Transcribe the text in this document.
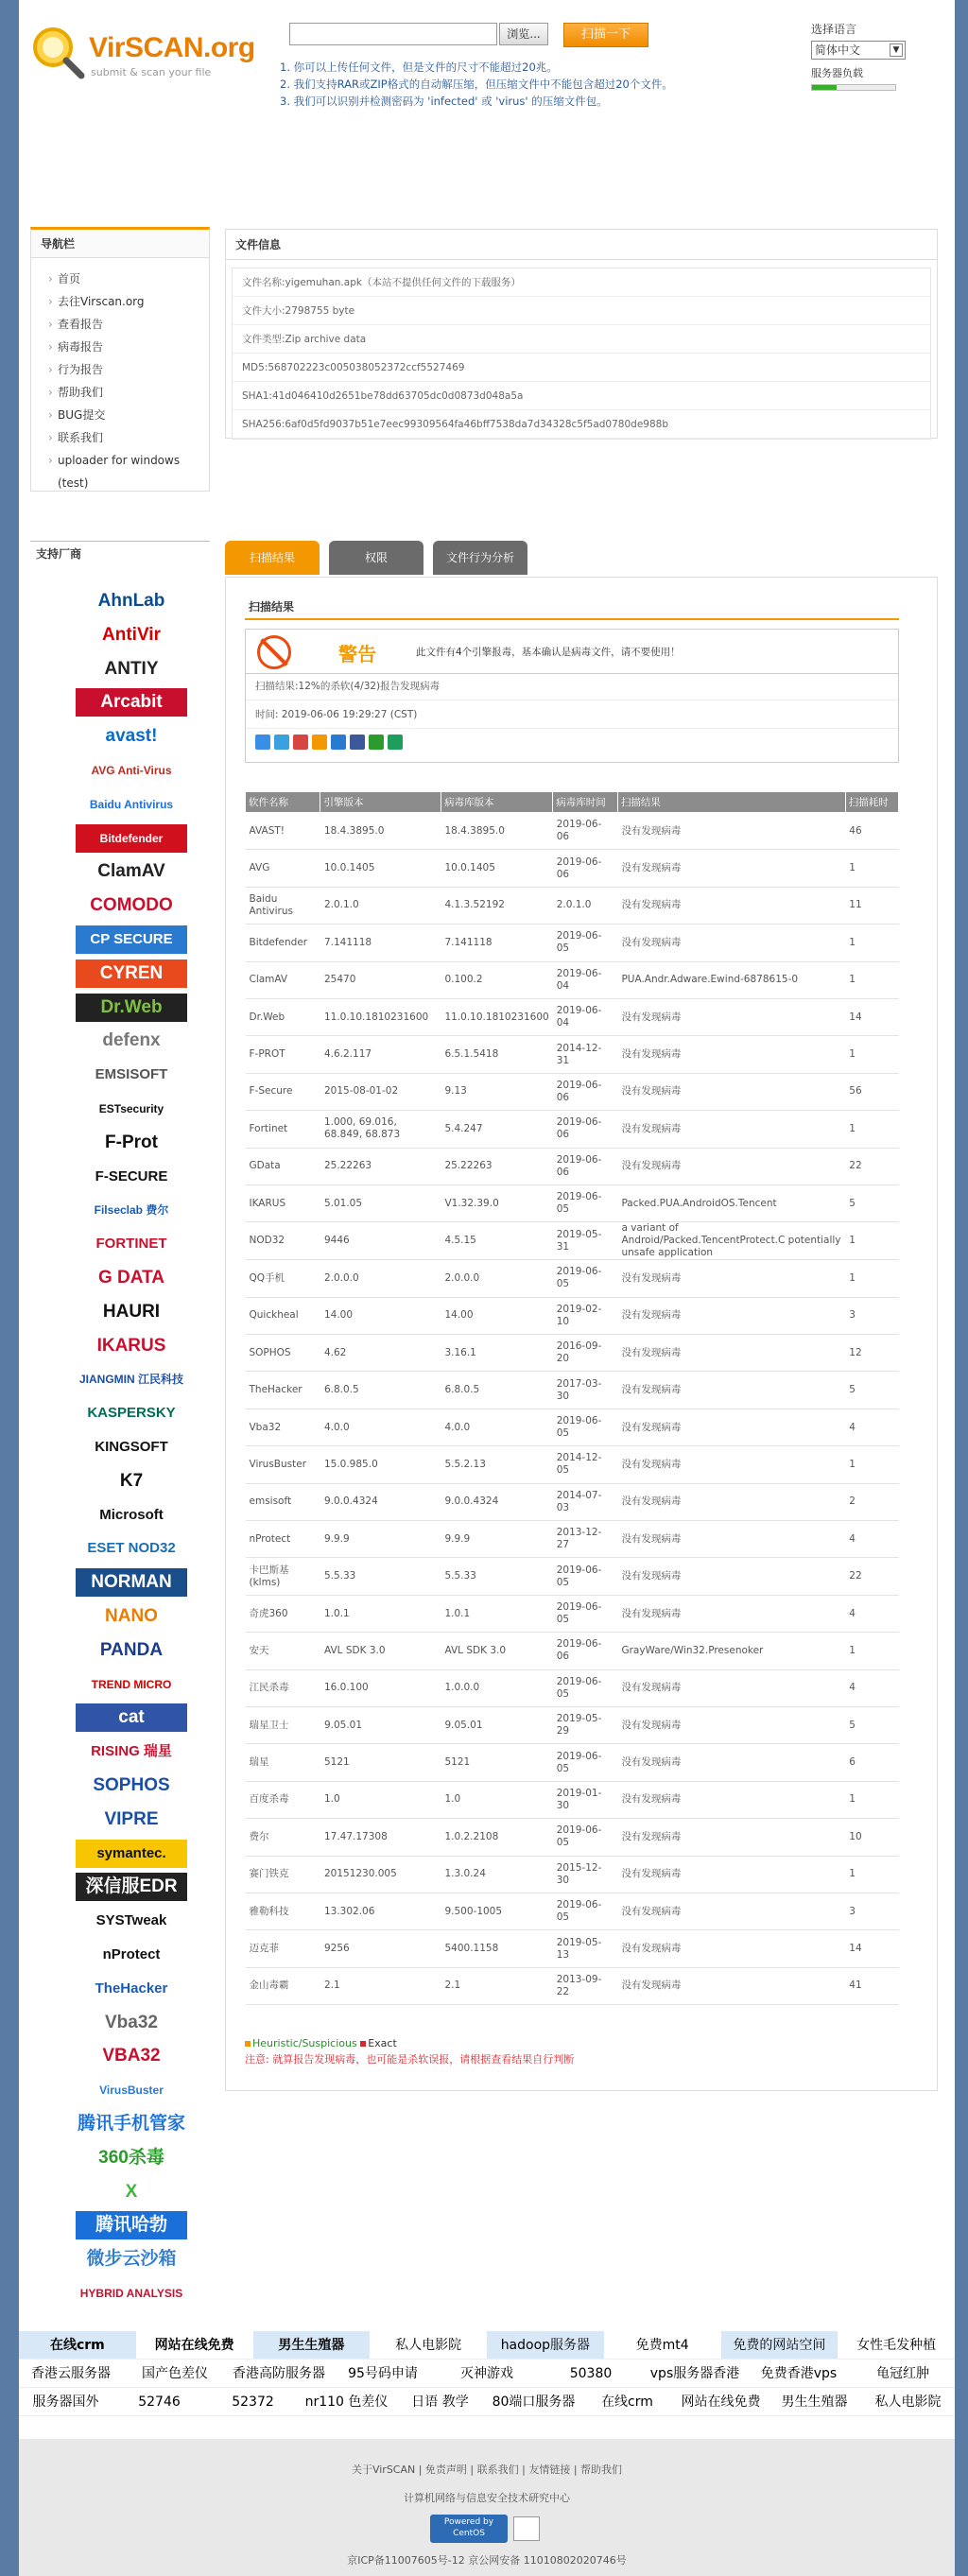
VirSCAN.org
submit & scan your file
浏览...	扫描一下
1. 你可以上传任何文件，但是文件的尺寸不能超过20兆。
2. 我们支持RAR或ZIP格式的自动解压缩，但压缩文件中不能包含超过20个文件。
3. 我们可以识别并检测密码为 'infected' 或 'virus' 的压缩文件包。
选择语言
简体中文	▼
服务器负载
导航栏
› 首页
› 去往Virscan.org
› 查看报告
› 病毒报告
› 行为报告
› 帮助我们
› BUG提交
› 联系我们
› uploader for windows (test)
支持厂商
AhnLab
AntiVir
ANTIY
Arcabit
avast!
AVG Anti-Virus
Baidu Antivirus
Bitdefender
ClamAV
COMODO
CP SECURE
CYREN
Dr.Web
defenx
EMSISOFT
ESTsecurity
F-Prot
F-SECURE
Filseclab 费尔
FORTINET
G DATA
HAURI
IKARUS
JIANGMIN 江民科技
KASPERSKY
KINGSOFT
K7
Microsoft
ESET NOD32
NORMAN
NANO
PANDA
TREND MICRO
cat
RISING 瑞星
SOPHOS
VIPRE
symantec.
深信服EDR
SYSTweak
nProtect
TheHacker
Vba32
VBA32
VirusBuster
腾讯手机管家
360杀毒
X
腾讯哈勃
微步云沙箱
HYBRID ANALYSIS
文件信息
文件名称:yigemuhan.apk（本站不提供任何文件的下载服务）
文件大小:2798755 byte
文件类型:Zip archive data
MD5:568702223c005038052372ccf5527469
SHA1:41d046410d2651be78dd63705dc0d0873d048a5a
SHA256:6af0d5fd9037b51e7eec99309564fa46bff7538da7d34328c5f5ad0780de988b
扫描结果	权限	文件行为分析
扫描结果
警告	此文件有4个引擎报毒，基本确认是病毒文件，请不要使用！
扫描结果:12%的杀软(4/32)报告发现病毒
时间: 2019-06-06 19:29:27 (CST)
软件名称	引擎版本	病毒库版本	病毒库时间	扫描结果	扫描耗时
AVAST!	18.4.3895.0	18.4.3895.0	2019-06-06	没有发现病毒	46
AVG	10.0.1405	10.0.1405	2019-06-06	没有发现病毒	1
Baidu Antivirus	2.0.1.0	4.1.3.52192	2.0.1.0	没有发现病毒	11
Bitdefender	7.141118	7.141118	2019-06-05	没有发现病毒	1
ClamAV	25470	0.100.2	2019-06-04	PUA.Andr.Adware.Ewind-6878615-0	1
Dr.Web	11.0.10.1810231600	11.0.10.1810231600	2019-06-04	没有发现病毒	14
F-PROT	4.6.2.117	6.5.1.5418	2014-12-31	没有发现病毒	1
F-Secure	2015-08-01-02	9.13	2019-06-06	没有发现病毒	56
Fortinet	1.000, 69.016, 68.849, 68.873	5.4.247	2019-06-06	没有发现病毒	1
GData	25.22263	25.22263	2019-06-06	没有发现病毒	22
IKARUS	5.01.05	V1.32.39.0	2019-06-05	Packed.PUA.AndroidOS.Tencent	5
NOD32	9446	4.5.15	2019-05-31	a variant of Android/Packed.TencentProtect.C potentially unsafe application	1
QQ手机	2.0.0.0	2.0.0.0	2019-06-05	没有发现病毒	1
Quickheal	14.00	14.00	2019-02-10	没有发现病毒	3
SOPHOS	4.62	3.16.1	2016-09-20	没有发现病毒	12
TheHacker	6.8.0.5	6.8.0.5	2017-03-30	没有发现病毒	5
Vba32	4.0.0	4.0.0	2019-06-05	没有发现病毒	4
VirusBuster	15.0.985.0	5.5.2.13	2014-12-05	没有发现病毒	1
emsisoft	9.0.0.4324	9.0.0.4324	2014-07-03	没有发现病毒	2
nProtect	9.9.9	9.9.9	2013-12-27	没有发现病毒	4
卡巴斯基(klms)	5.5.33	5.5.33	2019-06-05	没有发现病毒	22
奇虎360	1.0.1	1.0.1	2019-06-05	没有发现病毒	4
安天	AVL SDK 3.0	AVL SDK 3.0	2019-06-06	GrayWare/Win32.Presenoker	1
江民杀毒	16.0.100	1.0.0.0	2019-06-05	没有发现病毒	4
瑞星卫士	9.05.01	9.05.01	2019-05-29	没有发现病毒	5
瑞星	5121	5121	2019-06-05	没有发现病毒	6
百度杀毒	1.0	1.0	2019-01-30	没有发现病毒	1
费尔	17.47.17308	1.0.2.2108	2019-06-05	没有发现病毒	10
赛门铁克	20151230.005	1.3.0.24	2015-12-30	没有发现病毒	1
雅勒科技	13.302.06	9.500-1005	2019-06-05	没有发现病毒	3
迈克菲	9256	5400.1158	2019-05-13	没有发现病毒	14
金山毒霸	2.1	2.1	2013-09-22	没有发现病毒	41
Heuristic/Suspicious Exact
注意: 就算报告发现病毒，也可能是杀软误报，请根据查看结果自行判断
在线crm	网站在线免费	男生生殖器	私人电影院	hadoop服务器	免费mt4	免费的网站空间	女性毛发种植
香港云服务器	国产色差仪	香港高防服务器	95号码申请	灭神游戏	50380	vps服务器香港	免费香港vps	龟冠红肿
服务器国外	52746	52372	nr110 色差仪	日语 教学	80端口服务器	在线crm	网站在线免费	男生生殖器	私人电影院
关于VirSCAN | 免责声明 | 联系我们 | 友情链接 | 帮助我们
计算机网络与信息安全技术研究中心
Powered by CentOS
京ICP备11007605号-12 京公网安备 110108020207​46号
